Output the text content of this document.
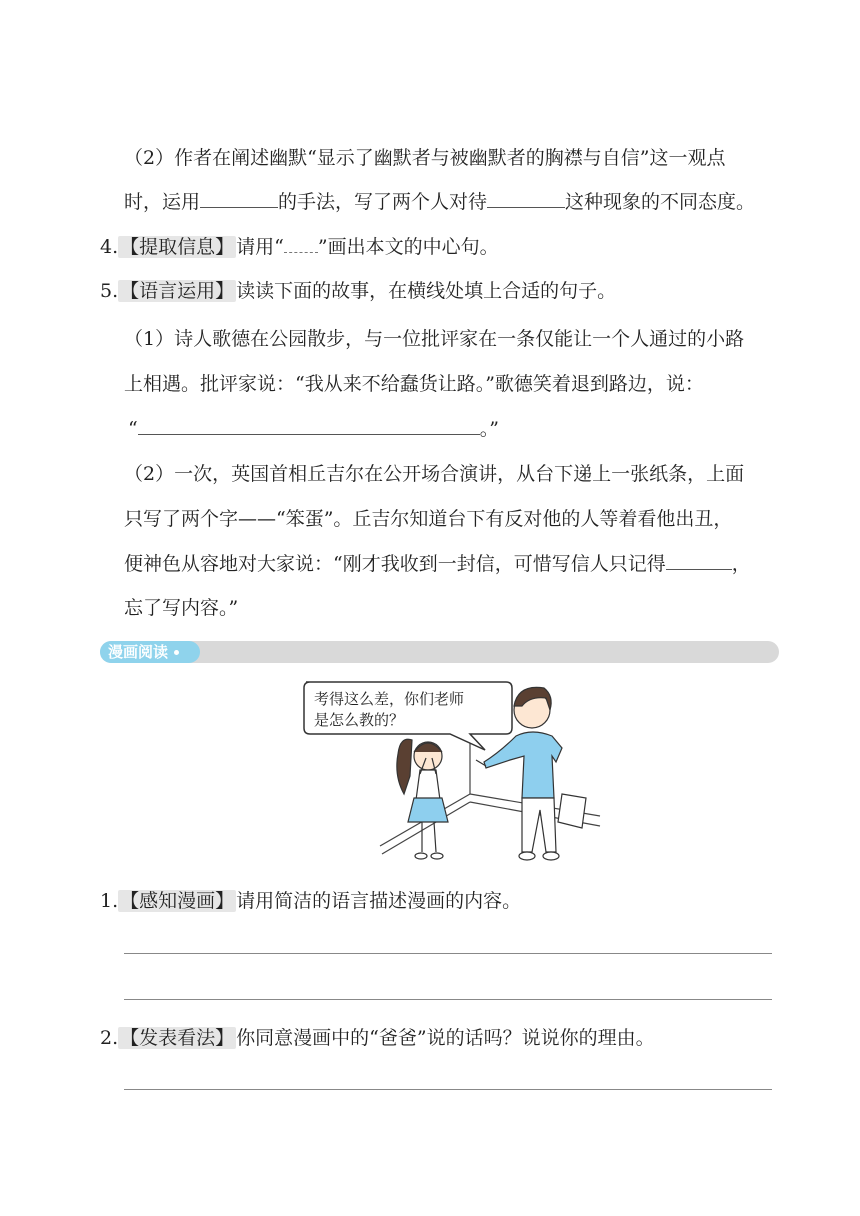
（2）作者在阐述幽默“显示了幽默者与被幽默者的胸襟与自信”这一观点
时，运用	的手法，写了两个人对待	这种现象的不同态度。
4. 【提取信息】 请用“ ”画出本文的中心句。
5. 【语言运用】 读读下面的故事，在横线处填上合适的句子。
（1）诗人歌德在公园散步，与一位批评家在一条仅能让一个人通过的小路
上相遇。批评家说：“我从来不给蠢货让路。”歌德笑着退到路边，说：
“	。”
（2）一次，英国首相丘吉尔在公开场合演讲，从台下递上一张纸条，上面
只写了两个字——“笨蛋”。丘吉尔知道台下有反对他的人等着看他出丑，
便神色从容地对大家说：“刚才我收到一封信，可惜写信人只记得	，
忘了写内容。”
漫画阅读
考得这么差，你们老师
是怎么教的？
1. 【感知漫画】 请用简洁的语言描述漫画的内容。
2. 【发表看法】 你同意漫画中的“爸爸”说的话吗？说说你的理由。
